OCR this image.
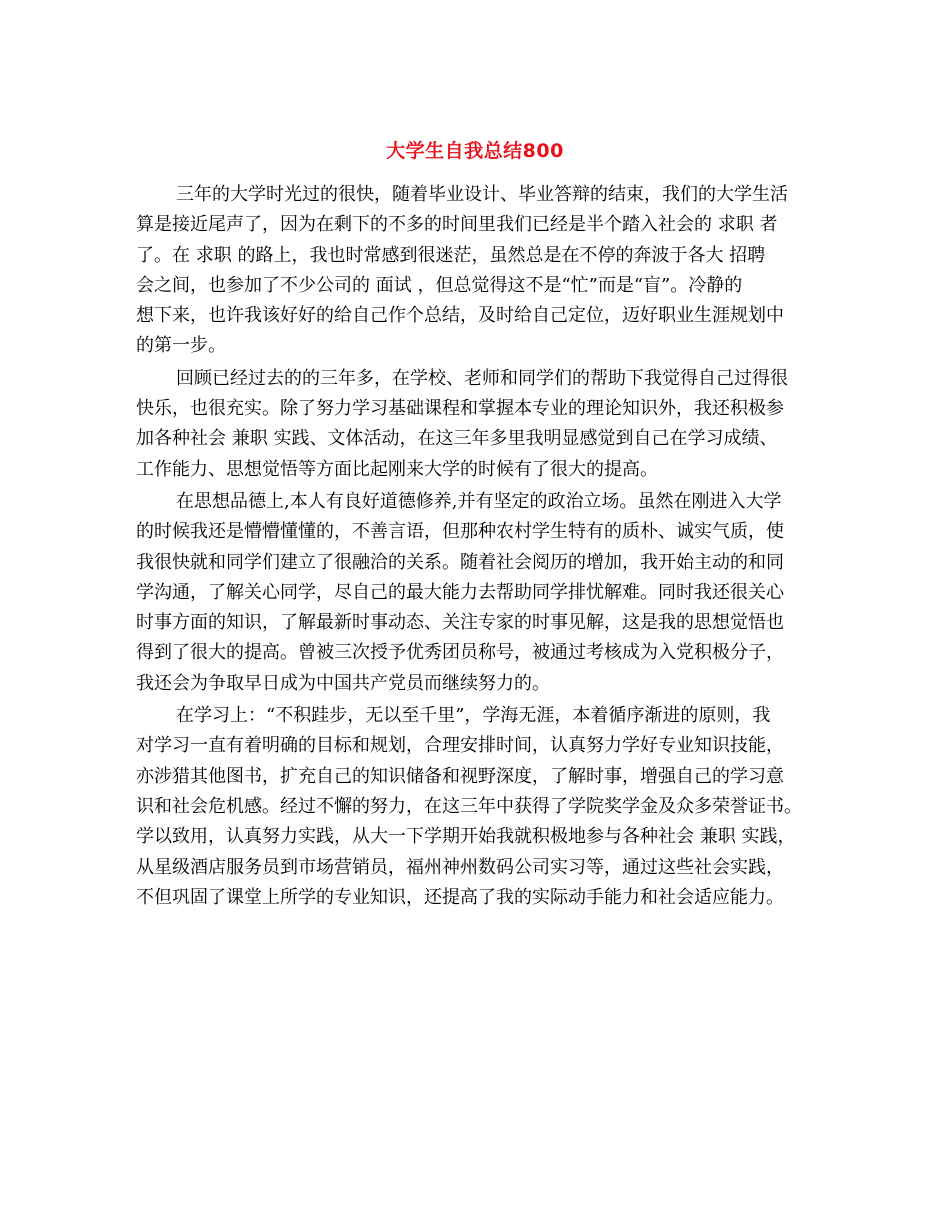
大学生自我总结800
三年的大学时光过的很快，随着毕业设计、毕业答辩的结束，我们的大学生活
算是接近尾声了，因为在剩下的不多的时间里我们已经是半个踏入社会的 求职 者
了。在 求职 的路上，我也时常感到很迷茫，虽然总是在不停的奔波于各大 招聘
会之间，也参加了不少公司的 面试 ，但总觉得这不是“忙”而是“盲”。冷静的
想下来，也许我该好好的给自己作个总结，及时给自己定位，迈好职业生涯规划中
的第一步。
回顾已经过去的的三年多，在学校、老师和同学们的帮助下我觉得自己过得很
快乐，也很充实。除了努力学习基础课程和掌握本专业的理论知识外，我还积极参
加各种社会 兼职 实践、文体活动，在这三年多里我明显感觉到自己在学习成绩、
工作能力、思想觉悟等方面比起刚来大学的时候有了很大的提高。
在思想品德上,本人有良好道德修养,并有坚定的政治立场。虽然在刚进入大学
的时候我还是懵懵懂懂的，不善言语，但那种农村学生特有的质朴、诚实气质，使
我很快就和同学们建立了很融洽的关系。随着社会阅历的增加，我开始主动的和同
学沟通，了解关心同学，尽自己的最大能力去帮助同学排忧解难。同时我还很关心
时事方面的知识，了解最新时事动态、关注专家的时事见解，这是我的思想觉悟也
得到了很大的提高。曾被三次授予优秀团员称号，被通过考核成为入党积极分子，
我还会为争取早日成为中国共产党员而继续努力的。
在学习上：“不积跬步，无以至千里”，学海无涯，本着循序渐进的原则，我
对学习一直有着明确的目标和规划，合理安排时间，认真努力学好专业知识技能，
亦涉猎其他图书，扩充自己的知识储备和视野深度，了解时事，增强自己的学习意
识和社会危机感。经过不懈的努力，在这三年中获得了学院奖学金及众多荣誉证书。
学以致用，认真努力实践，从大一下学期开始我就积极地参与各种社会 兼职 实践，
从星级酒店服务员到市场营销员，福州神州数码公司实习等，通过这些社会实践，
不但巩固了课堂上所学的专业知识，还提高了我的实际动手能力和社会适应能力。
